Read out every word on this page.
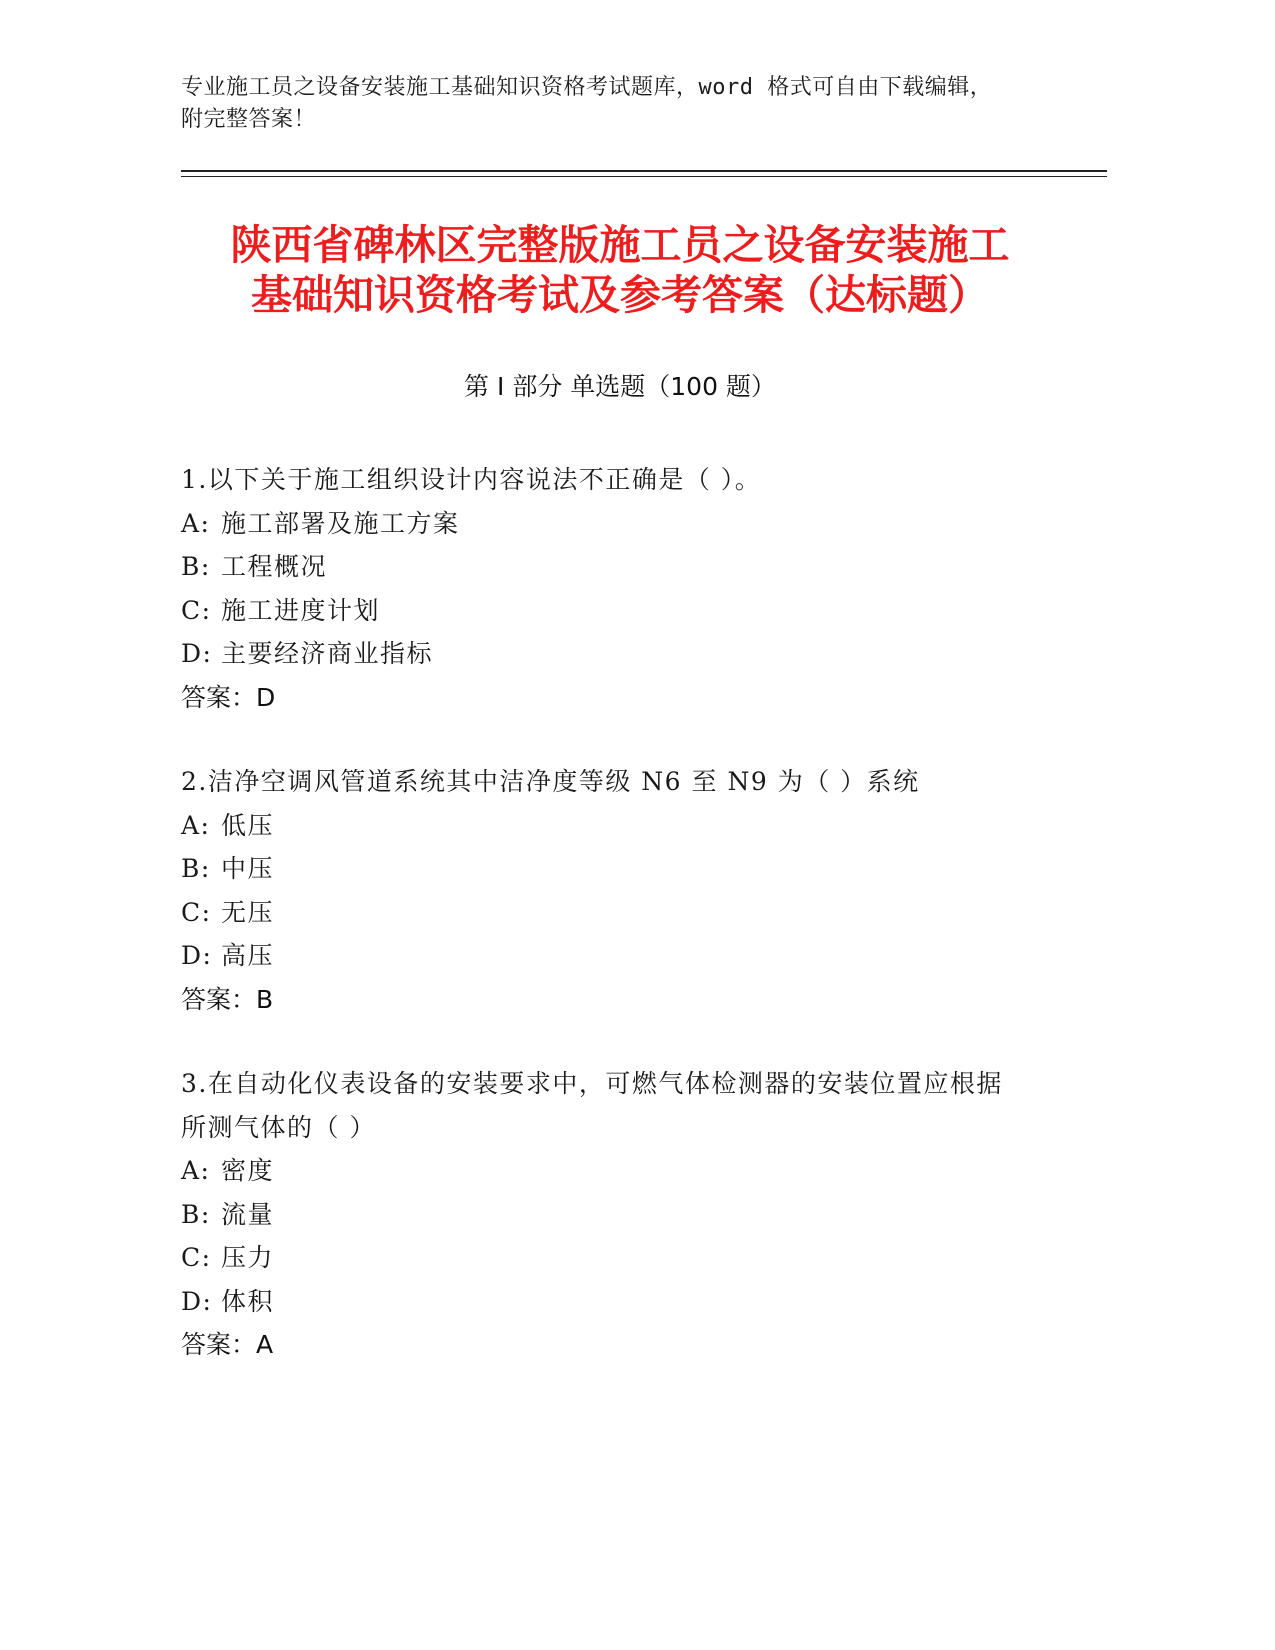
专业施工员之设备安装施工基础知识资格考试题库，word 格式可自由下载编辑，
附完整答案！
陕西省碑林区完整版施工员之设备安装施工
基础知识资格考试及参考答案（达标题）
第 I 部分 单选题（100 题）
1.以下关于施工组织设计内容说法不正确是（ ）。
A: 施工部署及施工方案
B: 工程概况
C: 施工进度计划
D: 主要经济商业指标
答案：D
2.洁净空调风管道系统其中洁净度等级 N6 至 N9 为（ ）系统
A: 低压
B: 中压
C: 无压
D: 高压
答案：B
3.在自动化仪表设备的安装要求中，可燃气体检测器的安装位置应根据所测气体的（ ）
A: 密度
B: 流量
C: 压力
D: 体积
答案：A
